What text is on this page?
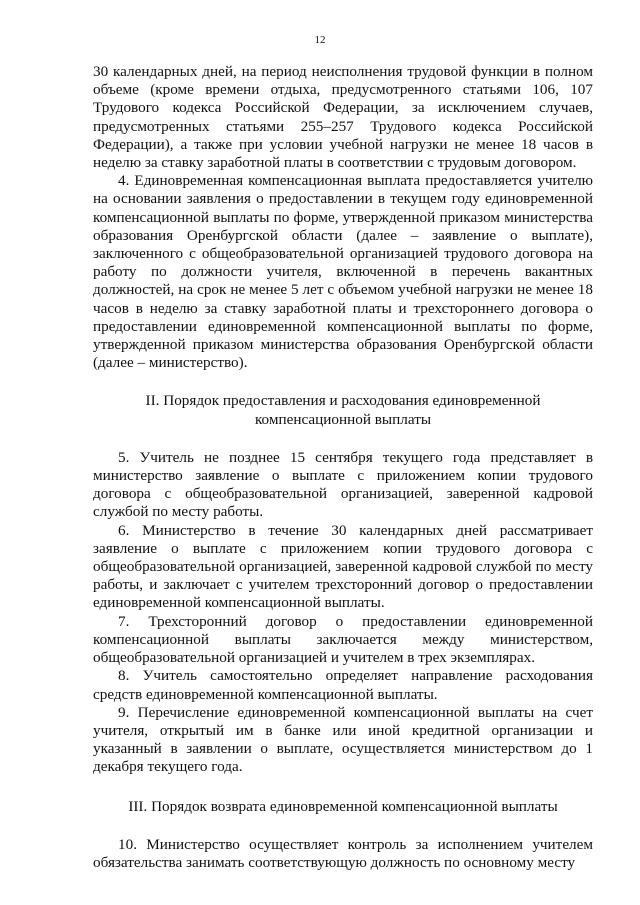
12

30 календарных дней, на период неисполнения трудовой функции в полном объеме (кроме времени отдыха, предусмотренного статьями 106, 107 Трудового кодекса Российской Федерации, за исключением случаев, предусмотренных статьями 255–257 Трудового кодекса Российской Федерации), а также при условии учебной нагрузки не менее 18 часов в неделю за ставку заработной платы в соответствии с трудовым договором.

4. Единовременная компенсационная выплата предоставляется учителю на основании заявления о предоставлении в текущем году единовременной компенсационной выплаты по форме, утвержденной приказом министерства образования Оренбургской области (далее – заявление о выплате), заключенного с общеобразовательной организацией трудового договора на работу по должности учителя, включенной в перечень вакантных должностей, на срок не менее 5 лет с объемом учебной нагрузки не менее 18 часов в неделю за ставку заработной платы и трехстороннего договора о предоставлении единовременной компенсационной выплаты по форме, утвержденной приказом министерства образования Оренбургской области (далее – министерство).

II. Порядок предоставления и расходования единовременной
компенсационной выплаты

5. Учитель не позднее 15 сентября текущего года представляет в министерство заявление о выплате с приложением копии трудового договора с общеобразовательной организацией, заверенной кадровой службой по месту работы.

6. Министерство в течение 30 календарных дней рассматривает заявление о выплате с приложением копии трудового договора с общеобразовательной организацией, заверенной кадровой службой по месту работы, и заключает с учителем трехсторонний договор о предоставлении единовременной компенсационной выплаты.

7. Трехсторонний договор о предоставлении единовременной компенсационной выплаты заключается между министерством, общеобразовательной организацией и учителем в трех экземплярах.

8. Учитель самостоятельно определяет направление расходования средств единовременной компенсационной выплаты.

9. Перечисление единовременной компенсационной выплаты на счет учителя, открытый им в банке или иной кредитной организации и указанный в заявлении о выплате, осуществляется министерством до 1 декабря текущего года.

III. Порядок возврата единовременной компенсационной выплаты

10. Министерство осуществляет контроль за исполнением учителем обязательства занимать соответствующую должность по основному месту
